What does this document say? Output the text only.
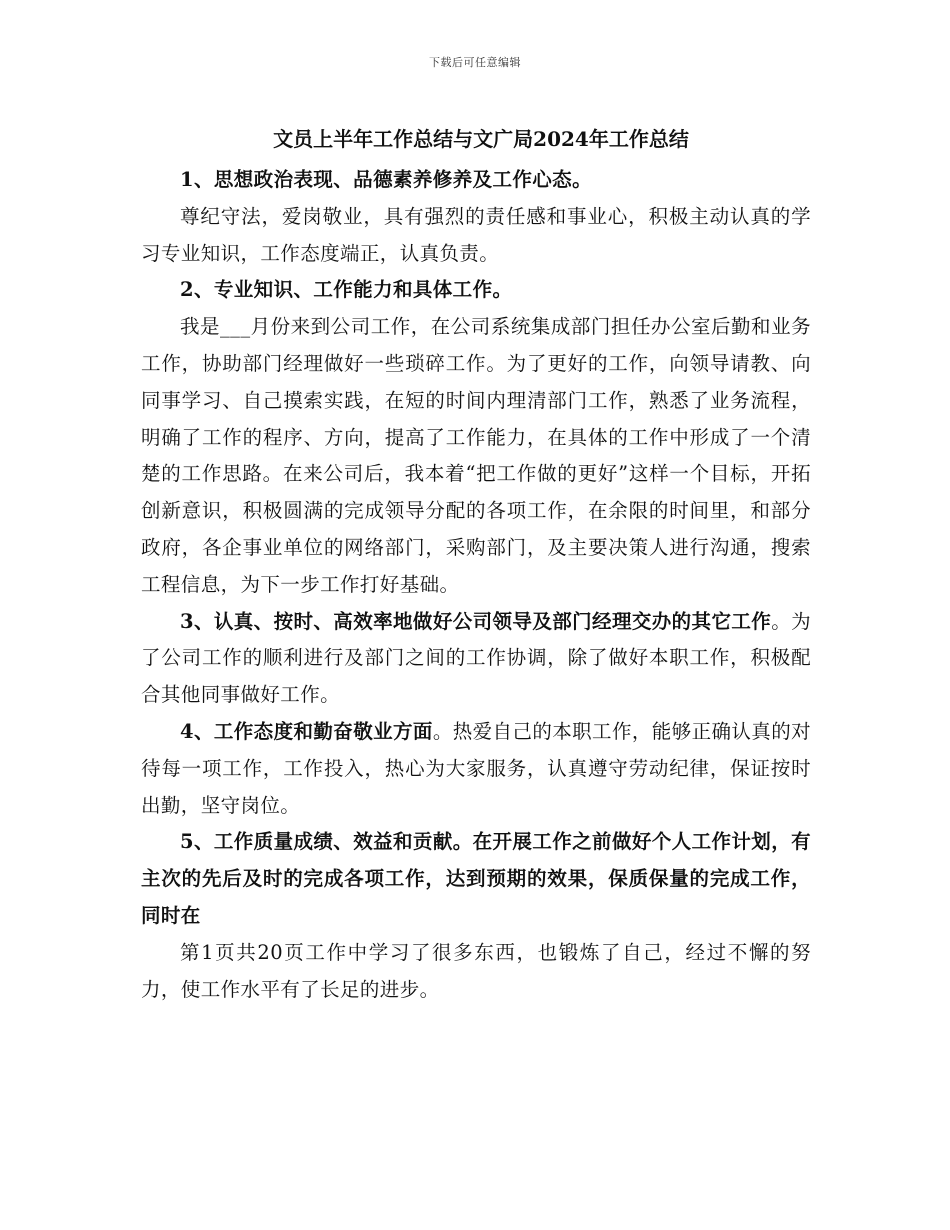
下载后可任意编辑
文员上半年工作总结与文广局2024年工作总结

1、思想政治表现、品德素养修养及工作心态。

尊纪守法，爱岗敬业，具有强烈的责任感和事业心，积极主动认真的学习专业知识，工作态度端正，认真负责。

2、专业知识、工作能力和具体工作。

我是___月份来到公司工作，在公司系统集成部门担任办公室后勤和业务工作，协助部门经理做好一些琐碎工作。为了更好的工作，向领导请教、向同事学习、自己摸索实践，在短的时间内理清部门工作，熟悉了业务流程，明确了工作的程序、方向，提高了工作能力，在具体的工作中形成了一个清楚的工作思路。在来公司后，我本着“把工作做的更好”这样一个目标，开拓创新意识，积极圆满的完成领导分配的各项工作，在余限的时间里，和部分政府，各企事业单位的网络部门，采购部门，及主要决策人进行沟通，搜索工程信息，为下一步工作打好基础。

3、认真、按时、高效率地做好公司领导及部门经理交办的其它工作。为了公司工作的顺利进行及部门之间的工作协调，除了做好本职工作，积极配合其他同事做好工作。

4、工作态度和勤奋敬业方面。热爱自己的本职工作，能够正确认真的对待每一项工作，工作投入，热心为大家服务，认真遵守劳动纪律，保证按时出勤，坚守岗位。

5、工作质量成绩、效益和贡献。在开展工作之前做好个人工作计划，有主次的先后及时的完成各项工作，达到预期的效果，保质保量的完成工作，同时在

第1页共20页工作中学习了很多东西，也锻炼了自己，经过不懈的努力，使工作水平有了长足的进步。
